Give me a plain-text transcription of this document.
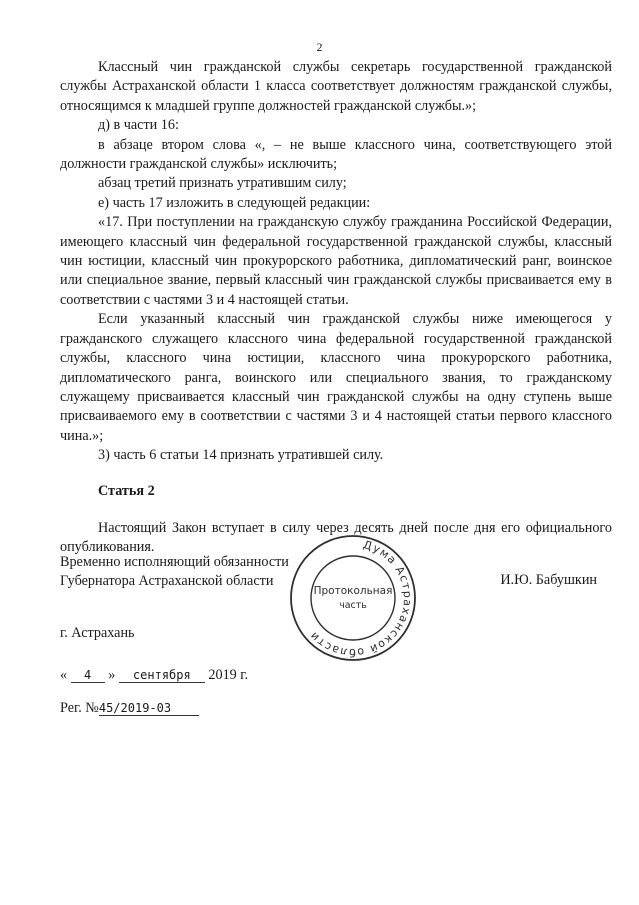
2

Классный чин гражданской службы секретарь государственной гражданской службы Астраханской области 1 класса соответствует должностям гражданской службы, относящимся к младшей группе должностей гражданской службы.»;

д) в части 16:

в абзаце втором слова «, – не выше классного чина, соответствующего этой должности гражданской службы» исключить;

абзац третий признать утратившим силу;

е) часть 17 изложить в следующей редакции:

«17. При поступлении на гражданскую службу гражданина Российской Федерации, имеющего классный чин федеральной государственной гражданской службы, классный чин юстиции, классный чин прокурорского работника, дипломатический ранг, воинское или специальное звание, первый классный чин гражданской службы присваивается ему в соответствии с частями 3 и 4 настоящей статьи.

Если указанный классный чин гражданской службы ниже имеющегося у гражданского служащего классного чина федеральной государственной гражданской службы, классного чина юстиции, классного чина прокурорского работника, дипломатического ранга, воинского или специального звания, то гражданскому служащему присваивается классный чин гражданской службы на одну ступень выше присваиваемого ему в соответствии с частями 3 и 4 настоящей статьи первого классного чина.»;

3) часть 6 статьи 14 признать утратившей силу.

Статья 2

Настоящий Закон вступает в силу через десять дней после дня его официального опубликования.

Временно исполняющий обязанности
Губернатора Астраханской области
Дума Астраханской области
Протокольная
часть
И.Ю. Бабушкин
г. Астрахань
« 4 » сентября 2019 г.
Рег. №45/2019-03
